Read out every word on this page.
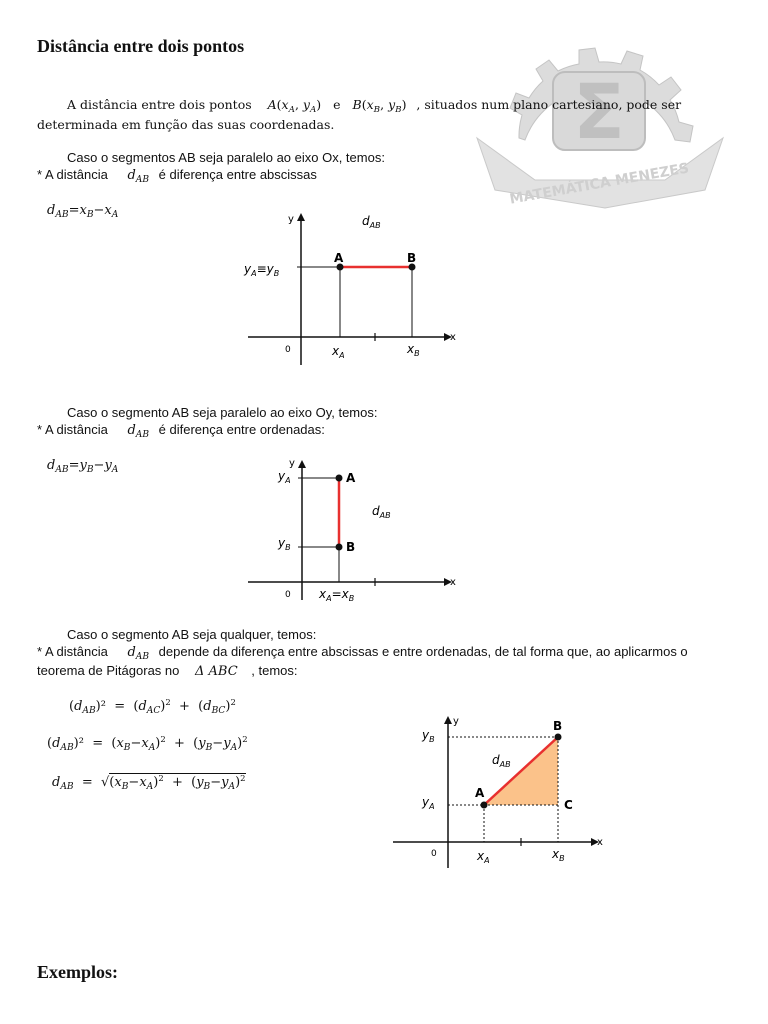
Σ
MATEMÁTICA MENEZES
Distância entre dois pontos
A distância entre dois pontos $A(x_A$, $y_A$) e $B(x_B$, $y_B$) , situados num plano cartesiano, pode ser
determinada em função das suas coordenadas.
Caso o segmentos AB seja paralelo ao eixo Ox, temos:
* A distância $d_{AB}$ é diferença entre abscissas
$d_{AB}=x_B-x_A$
A	B
x
y
0
$d_{AB}$
$y_A\equiv y_B$
$x_A$	$x_B$
Caso o segmento AB seja paralelo ao eixo Oy, temos:
* A distância $d_{AB}$ é diferença entre ordenadas:
$d_{AB}=y_B-y_A$
A
B
x
y
0
$d_{AB}$
$y_A$
$y_B$
$x_A=x_B$
Caso o segmento AB seja qualquer, temos:
* A distância $d_{AB}$ depende da diferença entre abscissas e entre ordenadas, de tal forma que, ao aplicarmos o
teorema de Pitágoras no Δ ABC , temos:
$(d_{AB})^2 = (d_{AC})^2 + (d_{BC})^2$
$(d_{AB})^2 = (x_B-x_A)^2 + (y_B-y_A)^2$
$d_{AB} = √(x_B-x_A)^2 + (y_B-y_A)^2$
A
B
C
x
y
0
$d_{AB}$
$y_B$
$y_A$
$x_A$	$x_B$
Exemplos:
